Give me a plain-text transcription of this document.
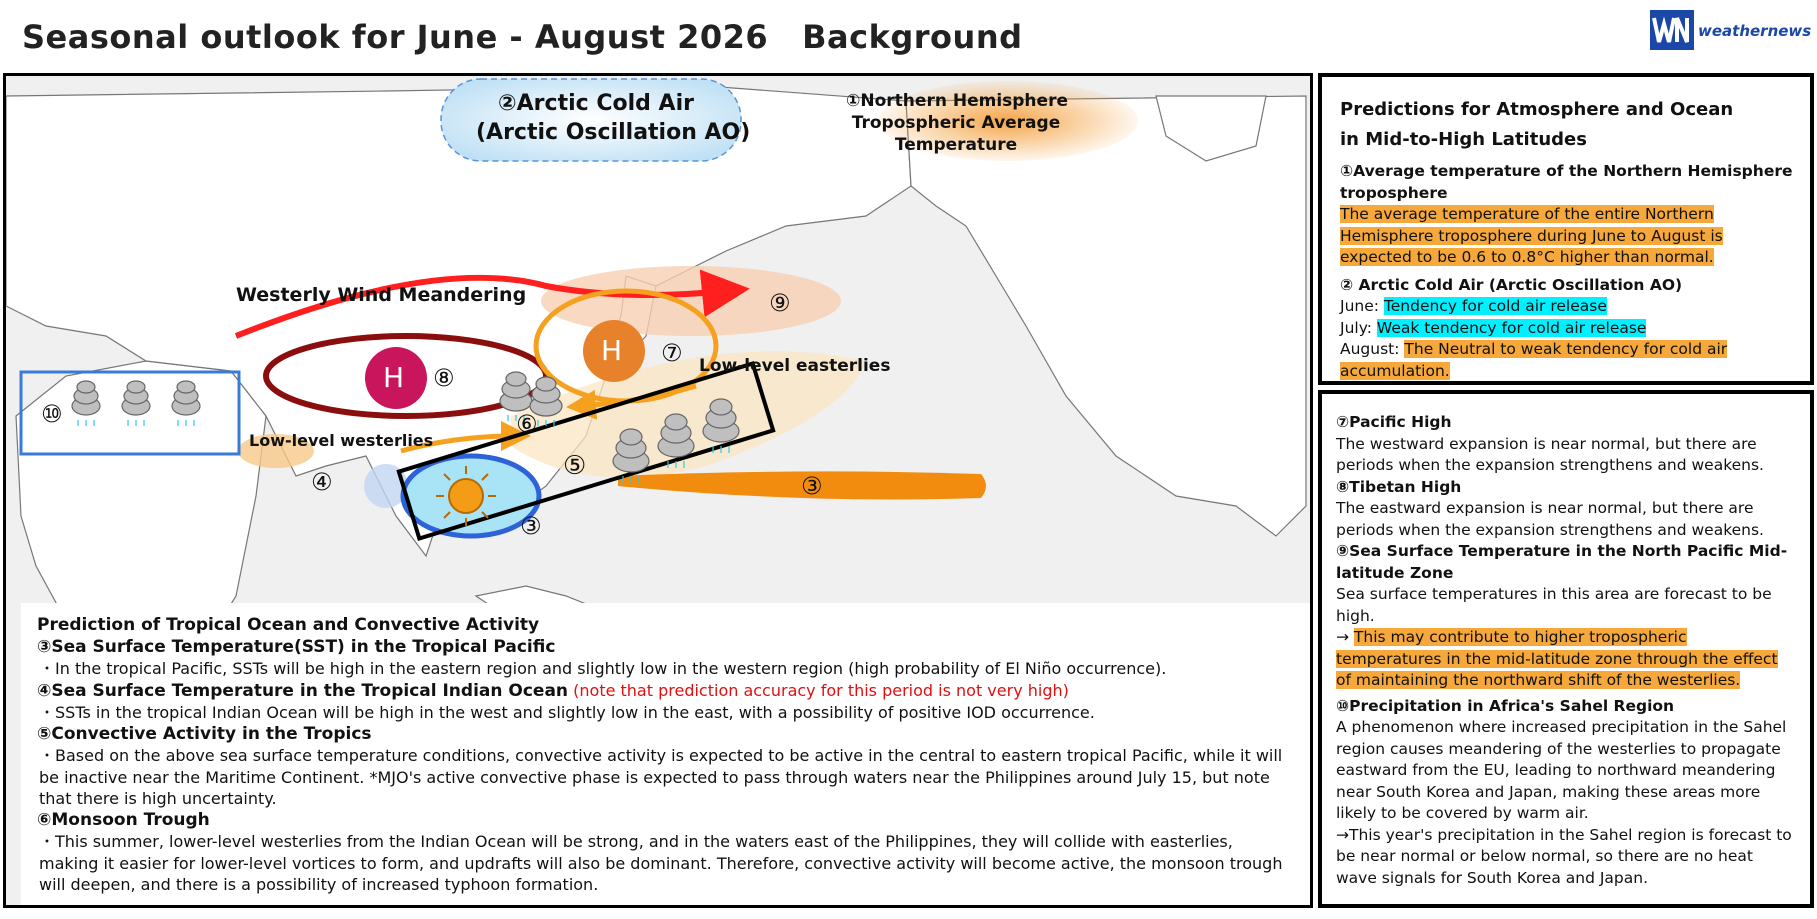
Seasonal outlook for June - August 2026 Background	weathernews
②Arctic Cold Air
(Arctic Oscillation AO)
①Northern Hemisphere
Tropospheric Average
Temperature
Westerly Wind Meandering
Low-level easterlies
Low-level westerlies
H
H ⑦
⑧
⑨
⑩	⑥
⑤
④	③
③
Prediction of Tropical Ocean and Convective Activity
③Sea Surface Temperature(SST) in the Tropical Pacific
・In the tropical Pacific, SSTs will be high in the eastern region and slightly low in the western region (high probability of El Niño occurrence).
④Sea Surface Temperature in the Tropical Indian Ocean (note that prediction accuracy for this period is not very high)
・SSTs in the tropical Indian Ocean will be high in the west and slightly low in the east, with a possibility of positive IOD occurrence.
⑤Convective Activity in the Tropics
・Based on the above sea surface temperature conditions, convective activity is expected to be active in the central to eastern tropical Pacific, while it will be inactive near the Maritime Continent. *MJO's active convective phase is expected to pass through waters near the Philippines around July 15, but note that there is high uncertainty.
⑥Monsoon Trough
・This summer, lower-level westerlies from the Indian Ocean will be strong, and in the waters east of the Philippines, they will collide with easterlies, making it easier for lower-level vortices to form, and updrafts will also be dominant. Therefore, convective activity will become active, the monsoon trough will deepen, and there is a possibility of increased typhoon formation.
Predictions for Atmosphere and Ocean
in Mid-to-High Latitudes
①Average temperature of the Northern Hemisphere troposphere
The average temperature of the entire Northern Hemisphere troposphere during June to August is expected to be 0.6 to 0.8°C higher than normal.
② Arctic Cold Air (Arctic Oscillation AO)
June: Tendency for cold air release
July: Weak tendency for cold air release
August: The Neutral to weak tendency for cold air accumulation.
⑦Pacific High
The westward expansion is near normal, but there are periods when the expansion strengthens and weakens.
⑧Tibetan High
The eastward expansion is near normal, but there are periods when the expansion strengthens and weakens.
⑨Sea Surface Temperature in the North Pacific Mid-latitude Zone
Sea surface temperatures in this area are forecast to be high.
→ This may contribute to higher tropospheric temperatures in the mid-latitude zone through the effect of maintaining the northward shift of the westerlies.
⑩Precipitation in Africa's Sahel Region
A phenomenon where increased precipitation in the Sahel region causes meandering of the westerlies to propagate eastward from the EU, leading to northward meandering near South Korea and Japan, making these areas more likely to be covered by warm air.
→This year's precipitation in the Sahel region is forecast to be near normal or below normal, so there are no heat wave signals for South Korea and Japan.
